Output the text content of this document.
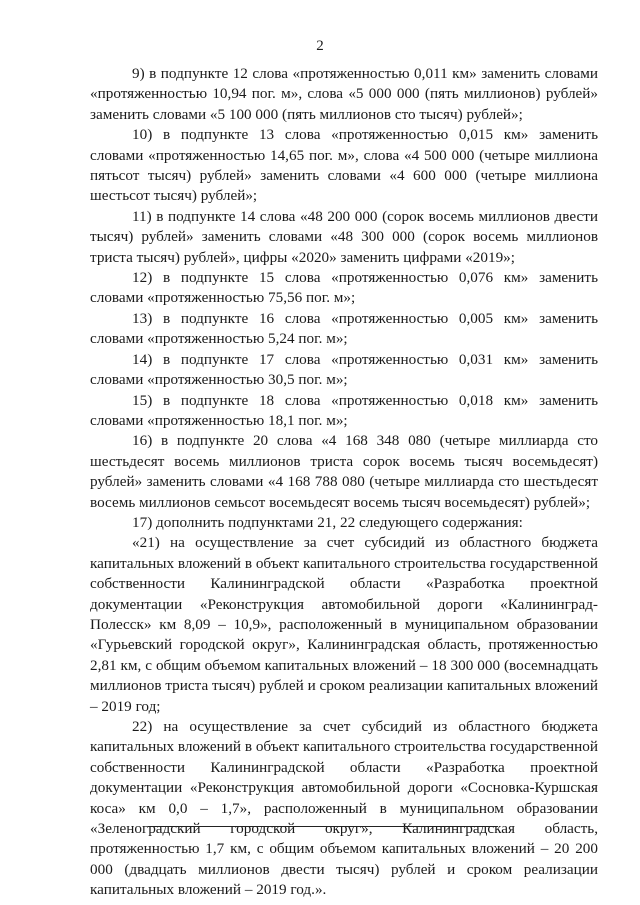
2

9) в подпункте 12 слова «протяженностью 0,011 км» заменить словами «протяженностью 10,94 пог. м», слова «5 000 000 (пять миллионов) рублей» заменить словами «5 100 000 (пять миллионов сто тысяч) рублей»;

10) в подпункте 13 слова «протяженностью 0,015 км» заменить словами «протяженностью 14,65 пог. м», слова «4 500 000 (четыре миллиона пятьсот тысяч) рублей» заменить словами «4 600 000 (четыре миллиона шестьсот тысяч) рублей»;

11) в подпункте 14 слова «48 200 000 (сорок восемь миллионов двести тысяч) рублей» заменить словами «48 300 000 (сорок восемь миллионов триста тысяч) рублей», цифры «2020» заменить цифрами «2019»;

12) в подпункте 15 слова «протяженностью 0,076 км» заменить словами «протяженностью 75,56 пог. м»;

13) в подпункте 16 слова «протяженностью 0,005 км» заменить словами «протяженностью 5,24 пог. м»;

14) в подпункте 17 слова «протяженностью 0,031 км» заменить словами «протяженностью 30,5 пог. м»;

15) в подпункте 18 слова «протяженностью 0,018 км» заменить словами «протяженностью 18,1 пог. м»;

16) в подпункте 20 слова «4 168 348 080 (четыре миллиарда сто шестьдесят восемь миллионов триста сорок восемь тысяч восемьдесят) рублей» заменить словами «4 168 788 080 (четыре миллиарда сто шестьдесят восемь миллионов семьсот восемьдесят восемь тысяч восемьдесят) рублей»;

17) дополнить подпунктами 21, 22 следующего содержания:

«21) на осуществление за счет субсидий из областного бюджета капитальных вложений в объект капитального строительства государственной собственности Калининградской области «Разработка проектной документации «Реконструкция автомобильной дороги «Калининград-Полесск» км 8,09 – 10,9», расположенный в муниципальном образовании «Гурьевский городской округ», Калининградская область, протяженностью 2,81 км, с общим объемом капитальных вложений – 18 300 000 (восемнадцать миллионов триста тысяч) рублей и сроком реализации капитальных вложений – 2019 год;

22) на осуществление за счет субсидий из областного бюджета капитальных вложений в объект капитального строительства государственной собственности Калининградской области «Разработка проектной документации «Реконструкция автомобильной дороги «Сосновка-Куршская коса» км 0,0 – 1,7», расположенный в муниципальном образовании «Зеленоградский городской округ», Калининградская область, протяженностью 1,7 км, с общим объемом капитальных вложений – 20 200 000 (двадцать миллионов двести тысяч) рублей и сроком реализации капитальных вложений – 2019 год.».
